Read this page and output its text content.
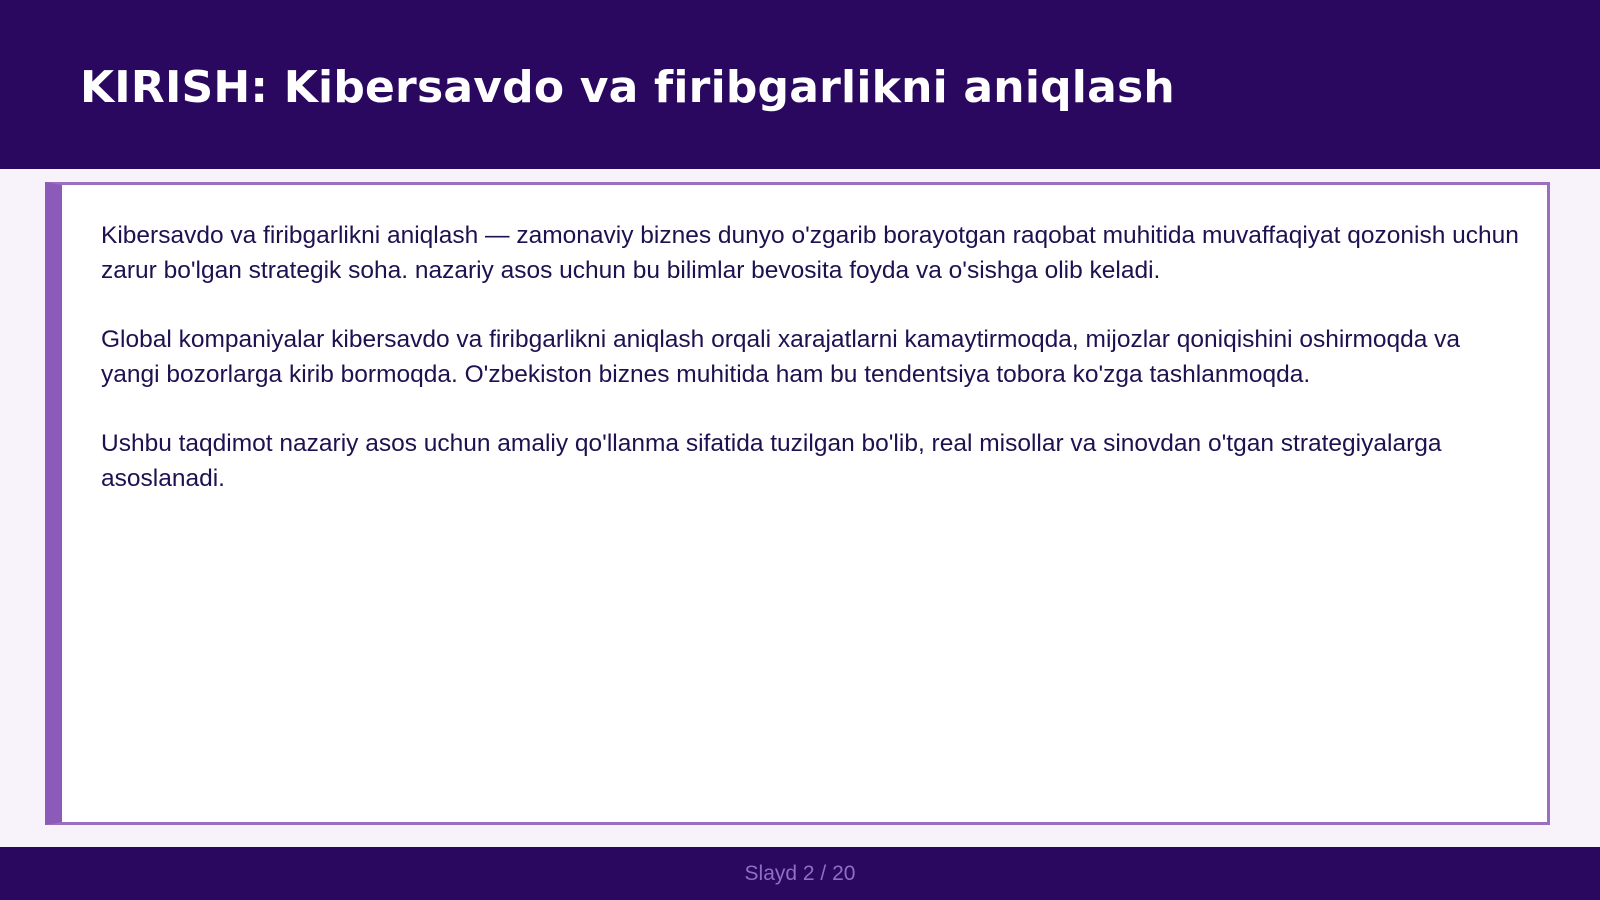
KIRISH: Kibersavdo va firibgarlikni aniqlash

Kibersavdo va firibgarlikni aniqlash — zamonaviy biznes dunyo o'zgarib borayotgan raqobat muhitida muvaffaqiyat qozonish uchun zarur bo'lgan strategik soha. nazariy asos uchun bu bilimlar bevosita foyda va o'sishga olib keladi.

Global kompaniyalar kibersavdo va firibgarlikni aniqlash orqali xarajatlarni kamaytirmoqda, mijozlar qoniqishini oshirmoqda va yangi bozorlarga kirib bormoqda. O'zbekiston biznes muhitida ham bu tendentsiya tobora ko'zga tashlanmoqda.

Ushbu taqdimot nazariy asos uchun amaliy qo'llanma sifatida tuzilgan bo'lib, real misollar va sinovdan o'tgan strategiyalarga asoslanadi.

Slayd 2 / 20
